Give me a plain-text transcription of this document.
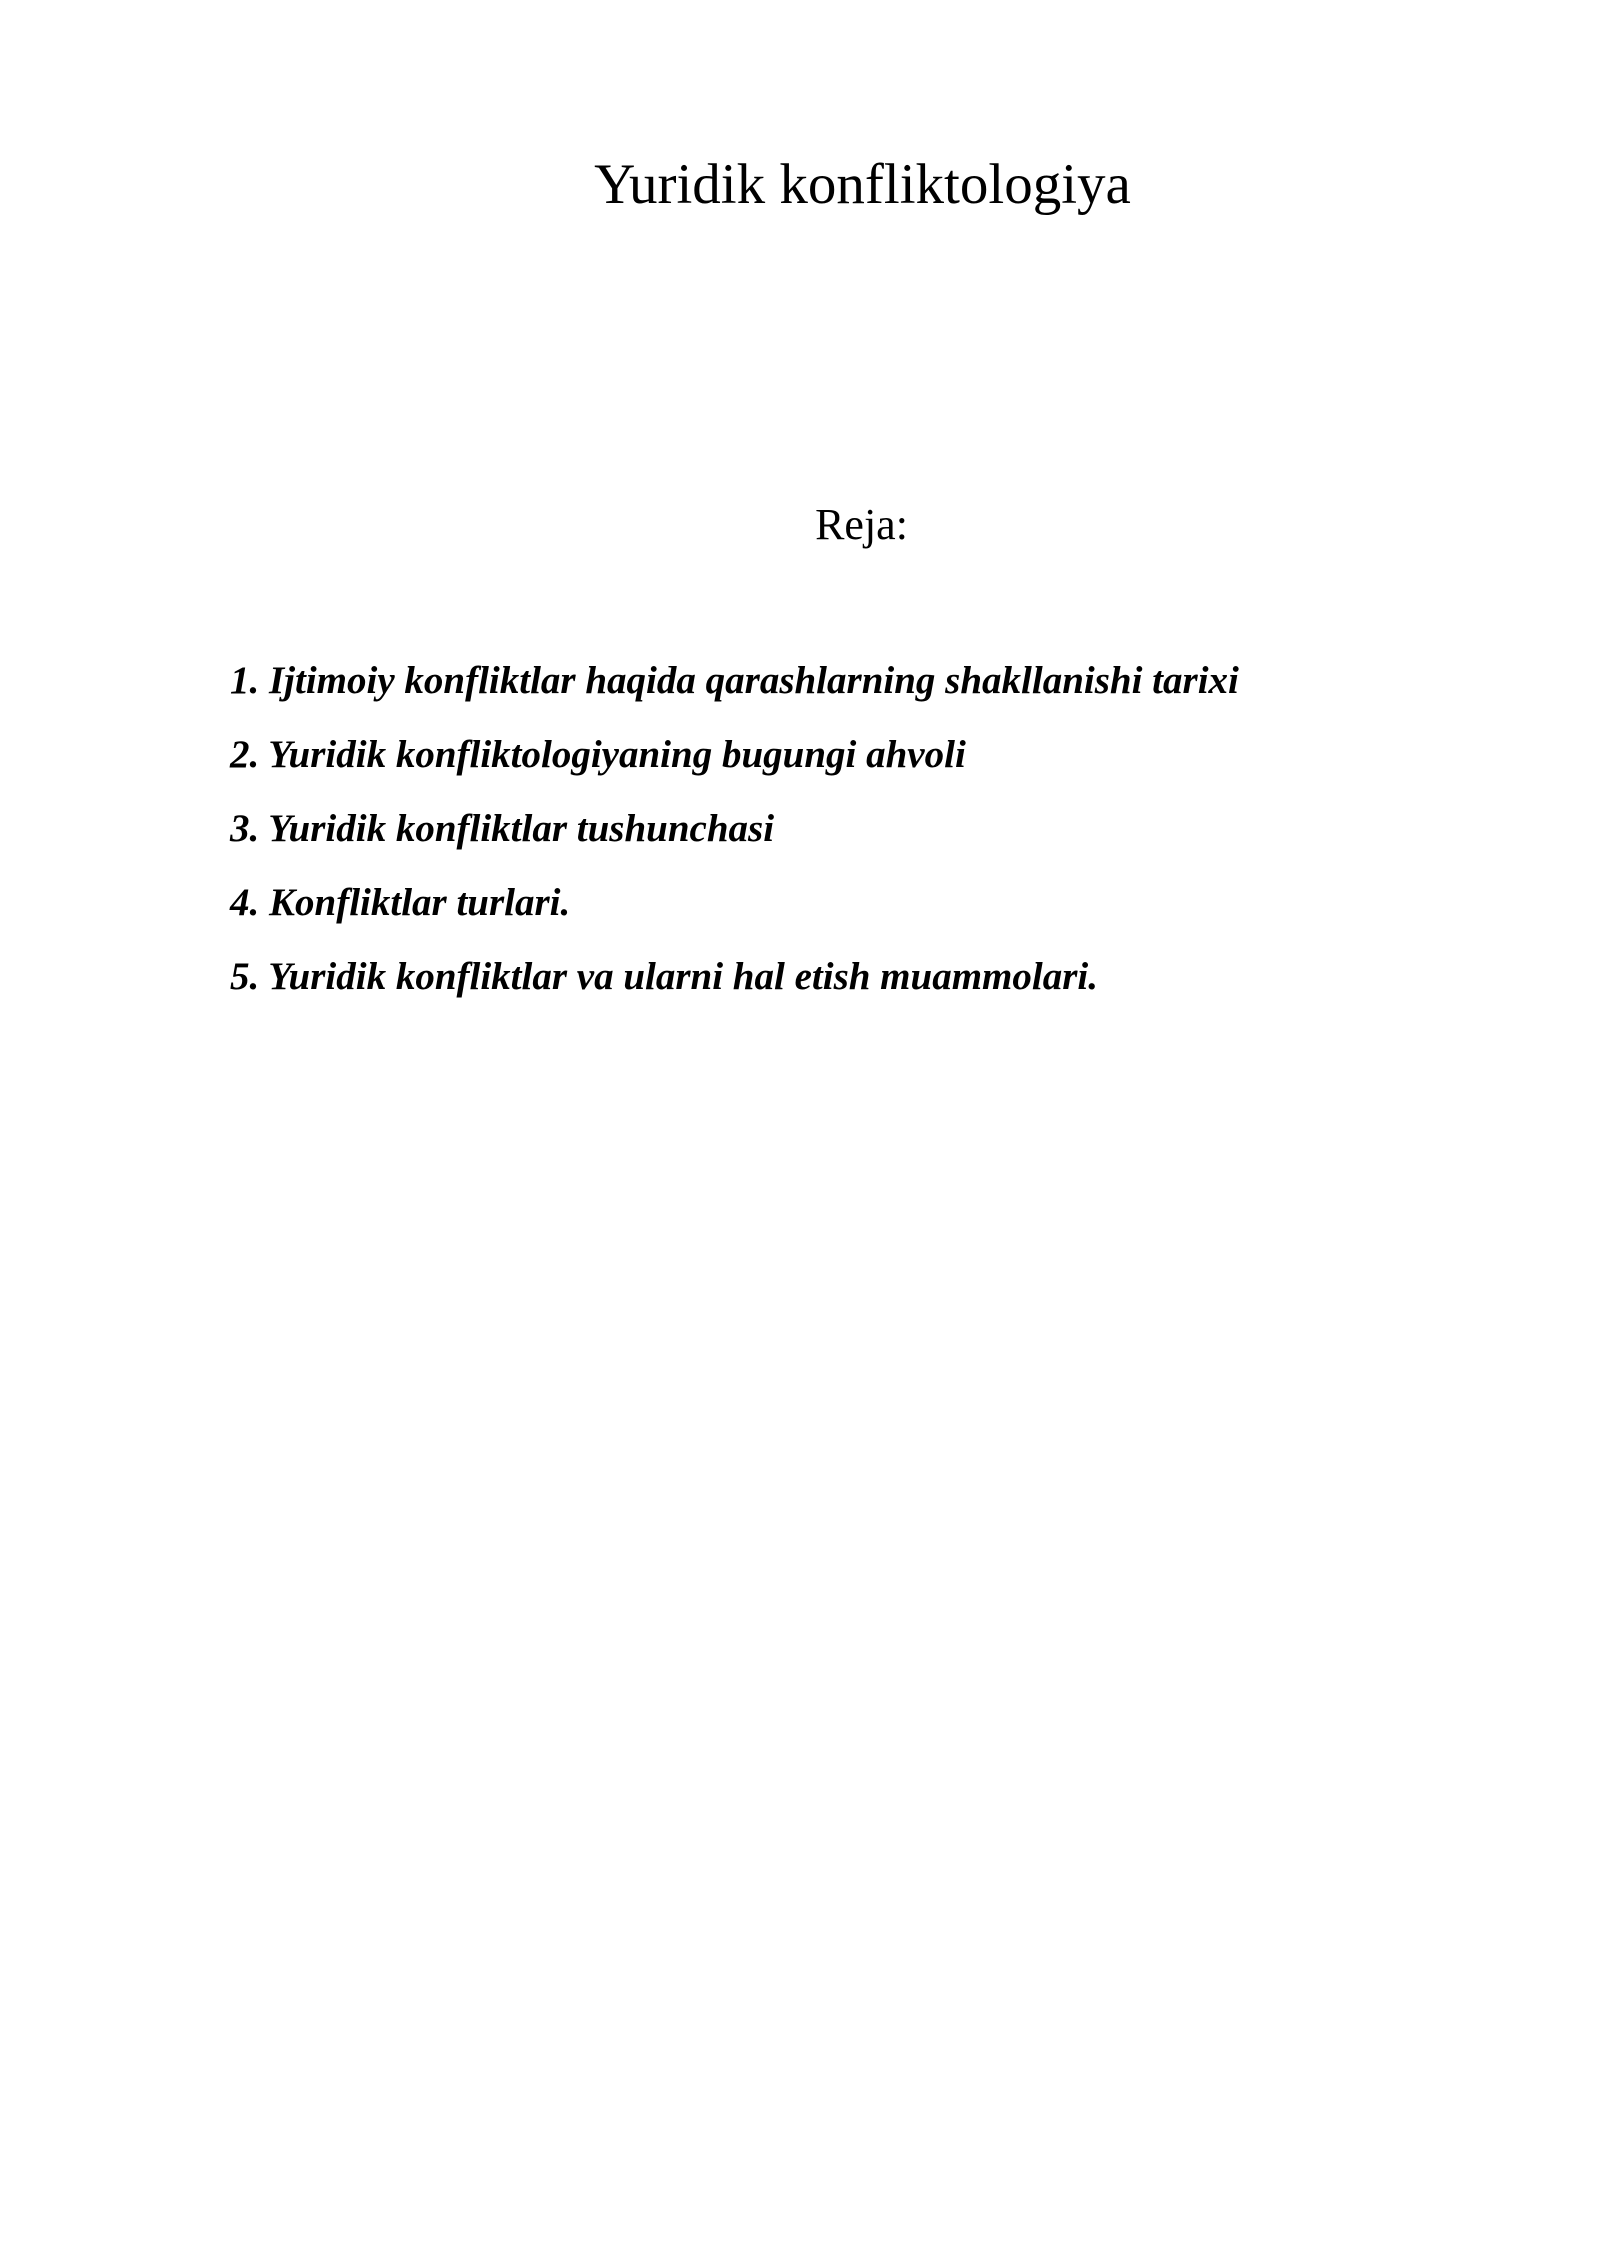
Yuridik konfliktologiya
Reja:
1. Ijtimoiy konfliktlar haqida qarashlarning shakllanishi tarixi
2. Yuridik konfliktologiyaning bugungi ahvoli
3. Yuridik konfliktlar tushunchasi
4. Konfliktlar turlari.
5. Yuridik konfliktlar va ularni hal etish muammolari.
